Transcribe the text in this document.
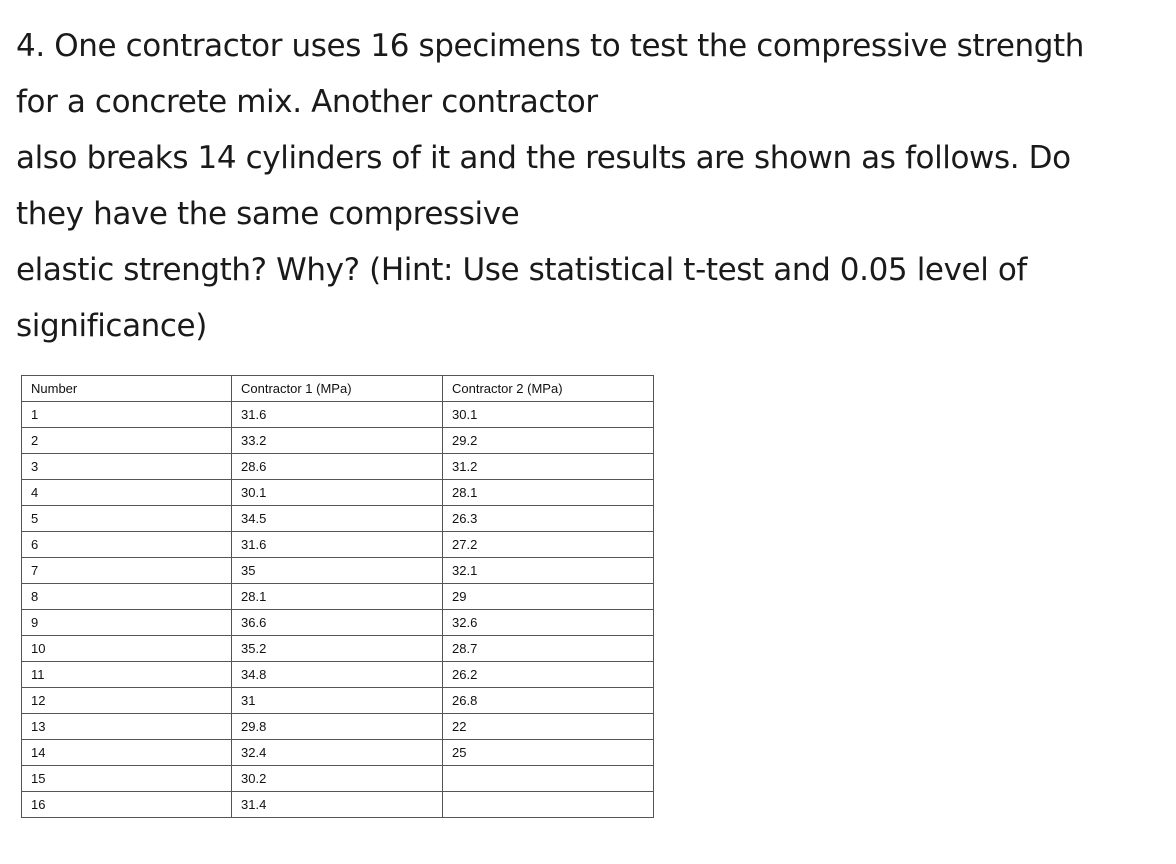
4. One contractor uses 16 specimens to test the compressive strength
for a concrete mix. Another contractor
also breaks 14 cylinders of it and the results are shown as follows. Do
they have the same compressive
elastic strength? Why? (Hint: Use statistical t-test and 0.05 level of
significance)
Number	Contractor 1 (MPa)	Contractor 2 (MPa)
1	31.6	30.1
2	33.2	29.2
3	28.6	31.2
4	30.1	28.1
5	34.5	26.3
6	31.6	27.2
7	35	32.1
8	28.1	29
9	36.6	32.6
10	35.2	28.7
11	34.8	26.2
12	31	26.8
13	29.8	22
14	32.4	25
15	30.2	
16	31.4	
